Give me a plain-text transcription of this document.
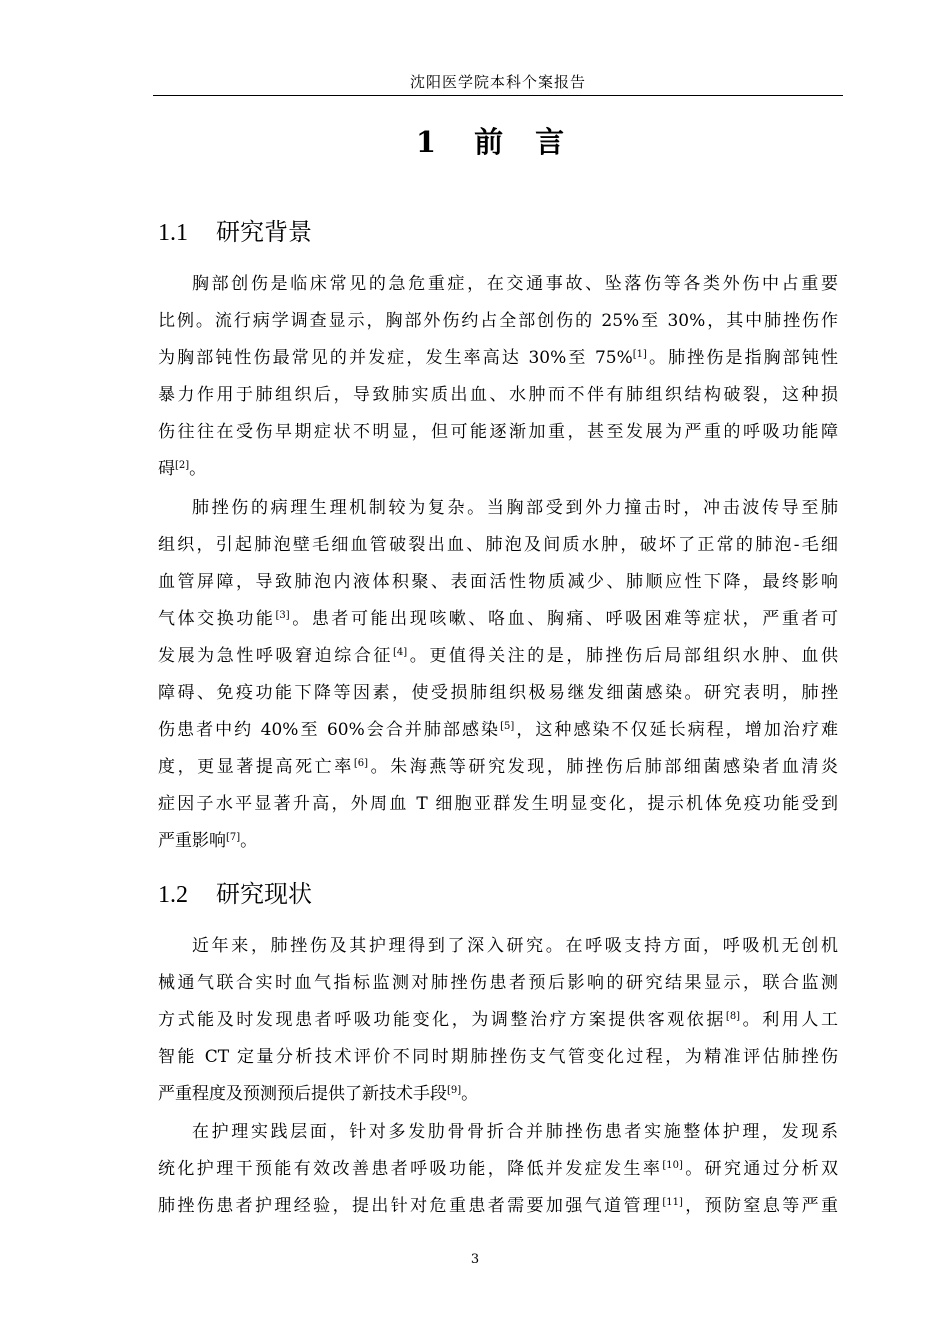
沈阳医学院本科个案报告
1 前 言
1.1 研究背景
胸部创伤是临床常见的急危重症，在交通事故、坠落伤等各类外伤中占重要
比例。流行病学调查显示，胸部外伤约占全部创伤的 25%至 30%，其中肺挫伤作
为胸部钝性伤最常见的并发症，发生率高达 30%至 75%[1]。肺挫伤是指胸部钝性
暴力作用于肺组织后，导致肺实质出血、水肿而不伴有肺组织结构破裂，这种损
伤往往在受伤早期症状不明显，但可能逐渐加重，甚至发展为严重的呼吸功能障
碍[2]。
肺挫伤的病理生理机制较为复杂。当胸部受到外力撞击时，冲击波传导至肺
组织，引起肺泡壁毛细血管破裂出血、肺泡及间质水肿，破坏了正常的肺泡-毛细
血管屏障，导致肺泡内液体积聚、表面活性物质减少、肺顺应性下降，最终影响
气体交换功能[3]。患者可能出现咳嗽、咯血、胸痛、呼吸困难等症状，严重者可
发展为急性呼吸窘迫综合征[4]。更值得关注的是，肺挫伤后局部组织水肿、血供
障碍、免疫功能下降等因素，使受损肺组织极易继发细菌感染。研究表明，肺挫
伤患者中约 40%至 60%会合并肺部感染[5]，这种感染不仅延长病程，增加治疗难
度，更显著提高死亡率[6]。朱海燕等研究发现，肺挫伤后肺部细菌感染者血清炎
症因子水平显著升高，外周血 T 细胞亚群发生明显变化，提示机体免疫功能受到
严重影响[7]。
1.2 研究现状
近年来，肺挫伤及其护理得到了深入研究。在呼吸支持方面，呼吸机无创机
械通气联合实时血气指标监测对肺挫伤患者预后影响的研究结果显示，联合监测
方式能及时发现患者呼吸功能变化，为调整治疗方案提供客观依据[8]。利用人工
智能 CT 定量分析技术评价不同时期肺挫伤支气管变化过程，为精准评估肺挫伤
严重程度及预测预后提供了新技术手段[9]。
在护理实践层面，针对多发肋骨骨折合并肺挫伤患者实施整体护理，发现系
统化护理干预能有效改善患者呼吸功能，降低并发症发生率[10]。研究通过分析双
肺挫伤患者护理经验，提出针对危重患者需要加强气道管理[11]，预防窒息等严重
3
